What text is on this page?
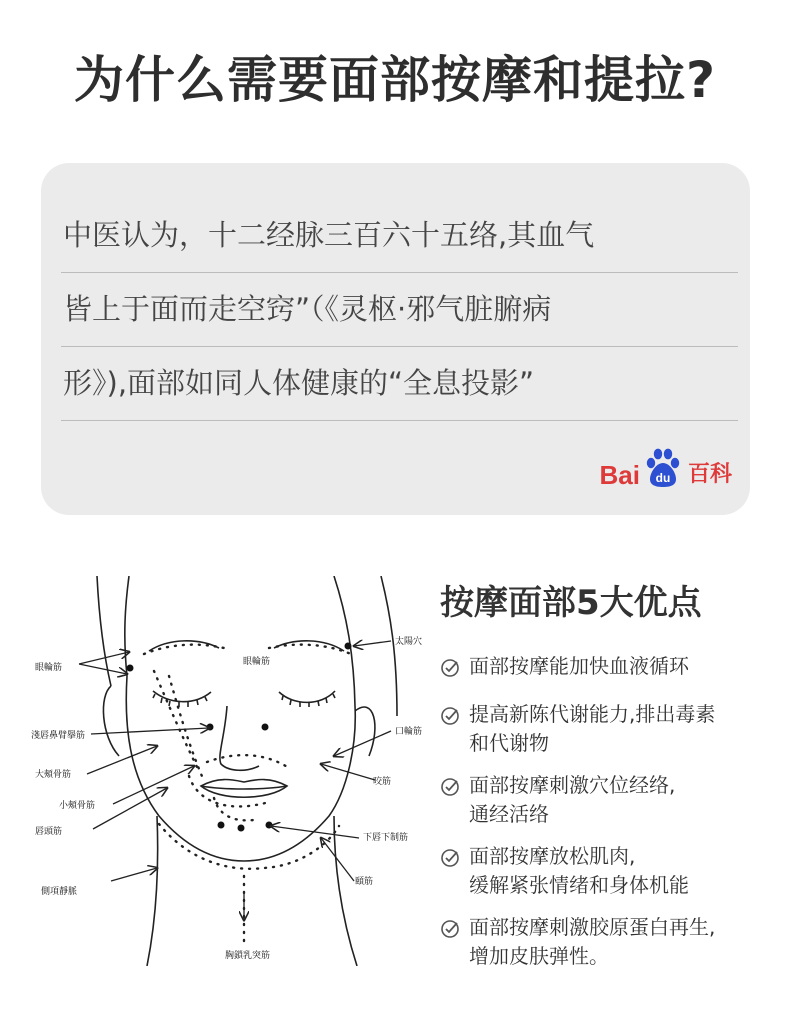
为什么需要面部按摩和提拉?
中医认为，十二经脉三百六十五络,其血气
皆上于面而走空窍”（《灵枢·邪气脏腑病
形》),面部如同人体健康的“全息投影”
Bai du 百科
太陽穴
眼輪筋
眼輪筋
淺唇鼻臂擧筋	口輪筋
大頰骨筋
咬筋
小頰骨筋
唇頭筋
下唇下制筋
側項靜脈
頤筋
胸鎖乳突筋
按摩面部5大优点
面部按摩能加快血液循环
提高新陈代谢能力,排出毒素
和代谢物
面部按摩刺激穴位经络,
通经活络
面部按摩放松肌肉,
缓解紧张情绪和身体机能
面部按摩刺激胶原蛋白再生,
增加皮肤弹性。
